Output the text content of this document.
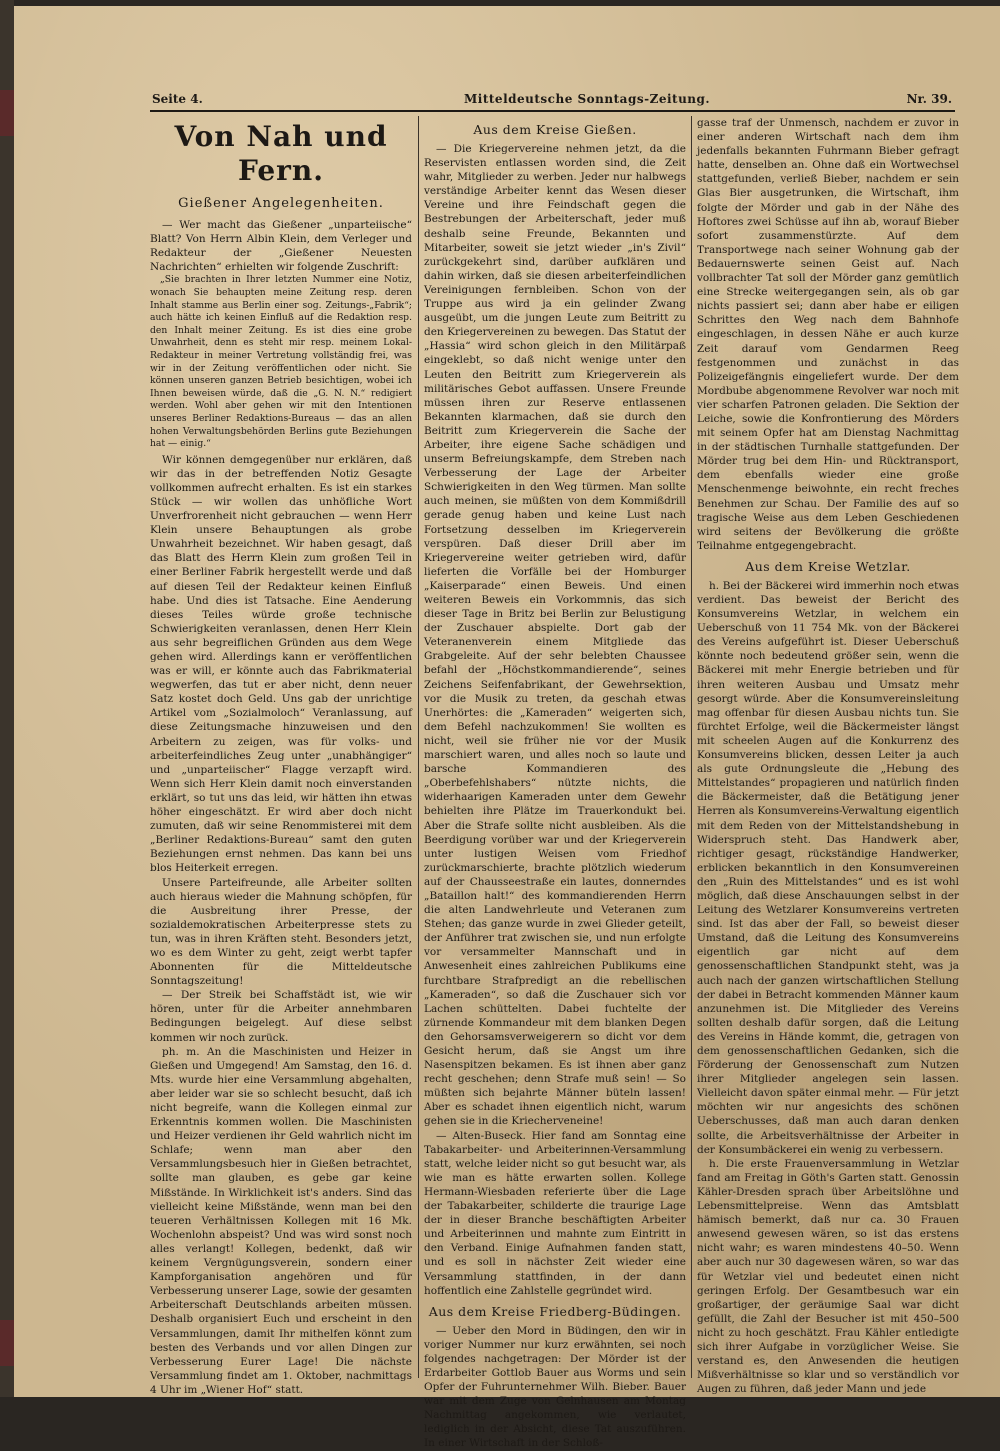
Seite 4.	Mitteldeutsche Sonntags-Zeitung.	Nr. 39.
Von Nah und Fern.
Gießener Angelegenheiten.

— Wer macht das Gießener „unparteiische“ Blatt? Von Herrn Albin Klein, dem Verleger und Redakteur der „Gießener Neuesten Nachrichten“ erhielten wir folgende Zuschrift:

„Sie brachten in Ihrer letzten Nummer eine Notiz, wonach Sie behaupten meine Zeitung resp. deren Inhalt stamme aus Berlin einer sog. Zeitungs-„Fabrik“; auch hätte ich keinen Einfluß auf die Redaktion resp. den Inhalt meiner Zeitung. Es ist dies eine grobe Unwahrheit, denn es steht mir resp. meinem Lokal-Redakteur in meiner Vertretung vollständig frei, was wir in der Zeitung veröffentlichen oder nicht. Sie können unseren ganzen Betrieb besichtigen, wobei ich Ihnen beweisen würde, daß die „G. N. N.“ redigiert werden. Wohl aber gehen wir mit den Intentionen unseres Berliner Redaktions-Bureaus — das an allen hohen Verwaltungsbehörden Berlins gute Beziehungen hat — einig.“

Wir können demgegenüber nur erklären, daß wir das in der betreffenden Notiz Gesagte vollkommen aufrecht erhalten. Es ist ein starkes Stück — wir wollen das unhöfliche Wort Unverfrorenheit nicht gebrauchen — wenn Herr Klein unsere Behauptungen als grobe Unwahrheit bezeichnet. Wir haben gesagt, daß das Blatt des Herrn Klein zum großen Teil in einer Berliner Fabrik hergestellt werde und daß auf diesen Teil der Redakteur keinen Einfluß habe. Und dies ist Tatsache. Eine Aenderung dieses Teiles würde große technische Schwierigkeiten veranlassen, denen Herr Klein aus sehr begreiflichen Gründen aus dem Wege gehen wird. Allerdings kann er veröffentlichen was er will, er könnte auch das Fabrikmaterial wegwerfen, das tut er aber nicht, denn neuer Satz kostet doch Geld. Uns gab der unrichtige Artikel vom „Sozialmoloch“ Veranlassung, auf diese Zeitungsmache hinzuweisen und den Arbeitern zu zeigen, was für volks- und arbeiterfeindliches Zeug unter „unabhängiger“ und „unparteiischer“ Flagge verzapft wird. Wenn sich Herr Klein damit noch einverstanden erklärt, so tut uns das leid, wir hätten ihn etwas höher eingeschätzt. Er wird aber doch nicht zumuten, daß wir seine Renommisterei mit dem „Berliner Redaktions-Bureau“ samt den guten Beziehungen ernst nehmen. Das kann bei uns blos Heiterkeit erregen.

Unsere Parteifreunde, alle Arbeiter sollten auch hieraus wieder die Mahnung schöpfen, für die Ausbreitung ihrer Presse, der sozialdemokratischen Arbeiterpresse stets zu tun, was in ihren Kräften steht. Besonders jetzt, wo es dem Winter zu geht, zeigt werbt tapfer Abonnenten für die Mitteldeutsche Sonntagszeitung!

— Der Streik bei Schaffstädt ist, wie wir hören, unter für die Arbeiter annehmbaren Bedingungen beigelegt. Auf diese selbst kommen wir noch zurück.

ph. m. An die Maschinisten und Heizer in Gießen und Umgegend! Am Samstag, den 16. d. Mts. wurde hier eine Versammlung abgehalten, aber leider war sie so schlecht besucht, daß ich nicht begreife, wann die Kollegen einmal zur Erkenntnis kommen wollen. Die Maschinisten und Heizer verdienen ihr Geld wahrlich nicht im Schlafe; wenn man aber den Versammlungsbesuch hier in Gießen betrachtet, sollte man glauben, es gebe gar keine Mißstände. In Wirklichkeit ist's anders. Sind das vielleicht keine Mißstände, wenn man bei den teueren Verhältnissen Kollegen mit 16 Mk. Wochenlohn abspeist? Und was wird sonst noch alles verlangt! Kollegen, bedenkt, daß wir keinem Vergnügungsverein, sondern einer Kampforganisation angehören und für Verbesserung unserer Lage, sowie der gesamten Arbeiterschaft Deutschlands arbeiten müssen. Deshalb organisiert Euch und erscheint in den Versammlungen, damit Ihr mithelfen könnt zum besten des Verbands und vor allen Dingen zur Verbesserung Eurer Lage! Die nächste Versammlung findet am 1. Oktober, nachmittags 4 Uhr im „Wiener Hof“ statt.

Aus dem Kreise Gießen.

— Die Kriegervereine nehmen jetzt, da die Reservisten entlassen worden sind, die Zeit wahr, Mitglieder zu werben. Jeder nur halbwegs verständige Arbeiter kennt das Wesen dieser Vereine und ihre Feindschaft gegen die Bestrebungen der Arbeiterschaft, jeder muß deshalb seine Freunde, Bekannten und Mitarbeiter, soweit sie jetzt wieder „in's Zivil“ zurückgekehrt sind, darüber aufklären und dahin wirken, daß sie diesen arbeiterfeindlichen Vereinigungen fernbleiben. Schon von der Truppe aus wird ja ein gelinder Zwang ausgeübt, um die jungen Leute zum Beitritt zu den Kriegervereinen zu bewegen. Das Statut der „Hassia“ wird schon gleich in den Militärpaß eingeklebt, so daß nicht wenige unter den Leuten den Beitritt zum Kriegerverein als militärisches Gebot auffassen. Unsere Freunde müssen ihren zur Reserve entlassenen Bekannten klarmachen, daß sie durch den Beitritt zum Kriegerverein die Sache der Arbeiter, ihre eigene Sache schädigen und unserm Befreiungskampfe, dem Streben nach Verbesserung der Lage der Arbeiter Schwierigkeiten in den Weg türmen. Man sollte auch meinen, sie müßten von dem Kommißdrill gerade genug haben und keine Lust nach Fortsetzung desselben im Kriegerverein verspüren. Daß dieser Drill aber im Kriegervereine weiter getrieben wird, dafür lieferten die Vorfälle bei der Homburger „Kaiserparade“ einen Beweis. Und einen weiteren Beweis ein Vorkommnis, das sich dieser Tage in Britz bei Berlin zur Belustigung der Zuschauer abspielte. Dort gab der Veteranenverein einem Mitgliede das Grabgeleite. Auf der sehr belebten Chaussee befahl der „Höchstkommandierende“, seines Zeichens Seifenfabrikant, der Gewehrsektion, vor die Musik zu treten, da geschah etwas Unerhörtes: die „Kameraden“ weigerten sich, dem Befehl nachzukommen! Sie wollten es nicht, weil sie früher nie vor der Musik marschiert waren, und alles noch so laute und barsche Kommandieren des „Oberbefehlshabers“ nützte nichts, die widerhaarigen Kameraden unter dem Gewehr behielten ihre Plätze im Trauerkondukt bei. Aber die Strafe sollte nicht ausbleiben. Als die Beerdigung vorüber war und der Kriegerverein unter lustigen Weisen vom Friedhof zurückmarschierte, brachte plötzlich wiederum auf der Chausseestraße ein lautes, donnerndes „Bataillon halt!“ des kommandierenden Herrn die alten Landwehrleute und Veteranen zum Stehen; das ganze wurde in zwei Glieder geteilt, der Anführer trat zwischen sie, und nun erfolgte vor versammelter Mannschaft und in Anwesenheit eines zahlreichen Publikums eine furchtbare Strafpredigt an die rebellischen „Kameraden“, so daß die Zuschauer sich vor Lachen schüttelten. Dabei fuchtelte der zürnende Kommandeur mit dem blanken Degen den Gehorsamsverweigerern so dicht vor dem Gesicht herum, daß sie Angst um ihre Nasenspitzen bekamen. Es ist ihnen aber ganz recht geschehen; denn Strafe muß sein! — So müßten sich bejahrte Männer büteln lassen! Aber es schadet ihnen eigentlich nicht, warum gehen sie in die Kriecherveneine!

— Alten-Buseck. Hier fand am Sonntag eine Tabakarbeiter- und Arbeiterinnen-Versammlung statt, welche leider nicht so gut besucht war, als wie man es hätte erwarten sollen. Kollege Hermann-Wiesbaden referierte über die Lage der Tabakarbeiter, schilderte die traurige Lage der in dieser Branche beschäftigten Arbeiter und Arbeiterinnen und mahnte zum Eintritt in den Verband. Einige Aufnahmen fanden statt, und es soll in nächster Zeit wieder eine Versammlung stattfinden, in der dann hoffentlich eine Zahlstelle gegründet wird.

Aus dem Kreise Friedberg-Büdingen.

— Ueber den Mord in Büdingen, den wir in voriger Nummer nur kurz erwähnten, sei noch folgendes nachgetragen: Der Mörder ist der Erdarbeiter Gottlob Bauer aus Worms und sein Opfer der Fuhrunternehmer Wilh. Bieber. Bauer war mit dem Zuge von Gelnhausen am Montag Nachmittag angekommen, wie verlautet, lediglich in der Absicht, diese Tat auszuführen. In einer Wirtschaft in der Schloß-

gasse traf der Unmensch, nachdem er zuvor in einer anderen Wirtschaft nach dem ihm jedenfalls bekannten Fuhrmann Bieber gefragt hatte, denselben an. Ohne daß ein Wortwechsel stattgefunden, verließ Bieber, nachdem er sein Glas Bier ausgetrunken, die Wirtschaft, ihm folgte der Mörder und gab in der Nähe des Hoftores zwei Schüsse auf ihn ab, worauf Bieber sofort zusammenstürzte. Auf dem Transportwege nach seiner Wohnung gab der Bedauernswerte seinen Geist auf. Nach vollbrachter Tat soll der Mörder ganz gemütlich eine Strecke weitergegangen sein, als ob gar nichts passiert sei; dann aber habe er eiligen Schrittes den Weg nach dem Bahnhofe eingeschlagen, in dessen Nähe er auch kurze Zeit darauf vom Gendarmen Reeg festgenommen und zunächst in das Polizeigefängnis eingeliefert wurde. Der dem Mordbube abgenommene Revolver war noch mit vier scharfen Patronen geladen. Die Sektion der Leiche, sowie die Konfrontierung des Mörders mit seinem Opfer hat am Dienstag Nachmittag in der städtischen Turnhalle stattgefunden. Der Mörder trug bei dem Hin- und Rücktransport, dem ebenfalls wieder eine große Menschenmenge beiwohnte, ein recht freches Benehmen zur Schau. Der Familie des auf so tragische Weise aus dem Leben Geschiedenen wird seitens der Bevölkerung die größte Teilnahme entgegengebracht.

Aus dem Kreise Wetzlar.

h. Bei der Bäckerei wird immerhin noch etwas verdient. Das beweist der Bericht des Konsumvereins Wetzlar, in welchem ein Ueberschuß von 11 754 Mk. von der Bäckerei des Vereins aufgeführt ist. Dieser Ueberschuß könnte noch bedeutend größer sein, wenn die Bäckerei mit mehr Energie betrieben und für ihren weiteren Ausbau und Umsatz mehr gesorgt würde. Aber die Konsumvereinsleitung mag offenbar für diesen Ausbau nichts tun. Sie fürchtet Erfolge, weil die Bäckermeister längst mit scheelen Augen auf die Konkurrenz des Konsumvereins blicken, dessen Leiter ja auch als gute Ordnungsleute die „Hebung des Mittelstandes“ propagieren und natürlich finden die Bäckermeister, daß die Betätigung jener Herren als Konsumvereins-Verwaltung eigentlich mit dem Reden von der Mittelstandshebung in Widerspruch steht. Das Handwerk aber, richtiger gesagt, rückständige Handwerker, erblicken bekanntlich in den Konsumvereinen den „Ruin des Mittelstandes“ und es ist wohl möglich, daß diese Anschauungen selbst in der Leitung des Wetzlarer Konsumvereins vertreten sind. Ist das aber der Fall, so beweist dieser Umstand, daß die Leitung des Konsumvereins eigentlich gar nicht auf dem genossenschaftlichen Standpunkt steht, was ja auch nach der ganzen wirtschaftlichen Stellung der dabei in Betracht kommenden Männer kaum anzunehmen ist. Die Mitglieder des Vereins sollten deshalb dafür sorgen, daß die Leitung des Vereins in Hände kommt, die, getragen von dem genossenschaftlichen Gedanken, sich die Förderung der Genossenschaft zum Nutzen ihrer Mitglieder angelegen sein lassen. Vielleicht davon später einmal mehr. — Für jetzt möchten wir nur angesichts des schönen Ueberschusses, daß man auch daran denken sollte, die Arbeitsverhältnisse der Arbeiter in der Konsumbäckerei ein wenig zu verbessern.

h. Die erste Frauenversammlung in Wetzlar fand am Freitag in Göth's Garten statt. Genossin Kähler-Dresden sprach über Arbeitslöhne und Lebensmittelpreise. Wenn das Amtsblatt hämisch bemerkt, daß nur ca. 30 Frauen anwesend gewesen wären, so ist das erstens nicht wahr; es waren mindestens 40–50. Wenn aber auch nur 30 dagewesen wären, so war das für Wetzlar viel und bedeutet einen nicht geringen Erfolg. Der Gesamtbesuch war ein großartiger, der geräumige Saal war dicht gefüllt, die Zahl der Besucher ist mit 450–500 nicht zu hoch geschätzt. Frau Kähler entledigte sich ihrer Aufgabe in vorzüglicher Weise. Sie verstand es, den Anwesenden die heutigen Mißverhältnisse so klar und so verständlich vor Augen zu führen, daß jeder Mann und jede
